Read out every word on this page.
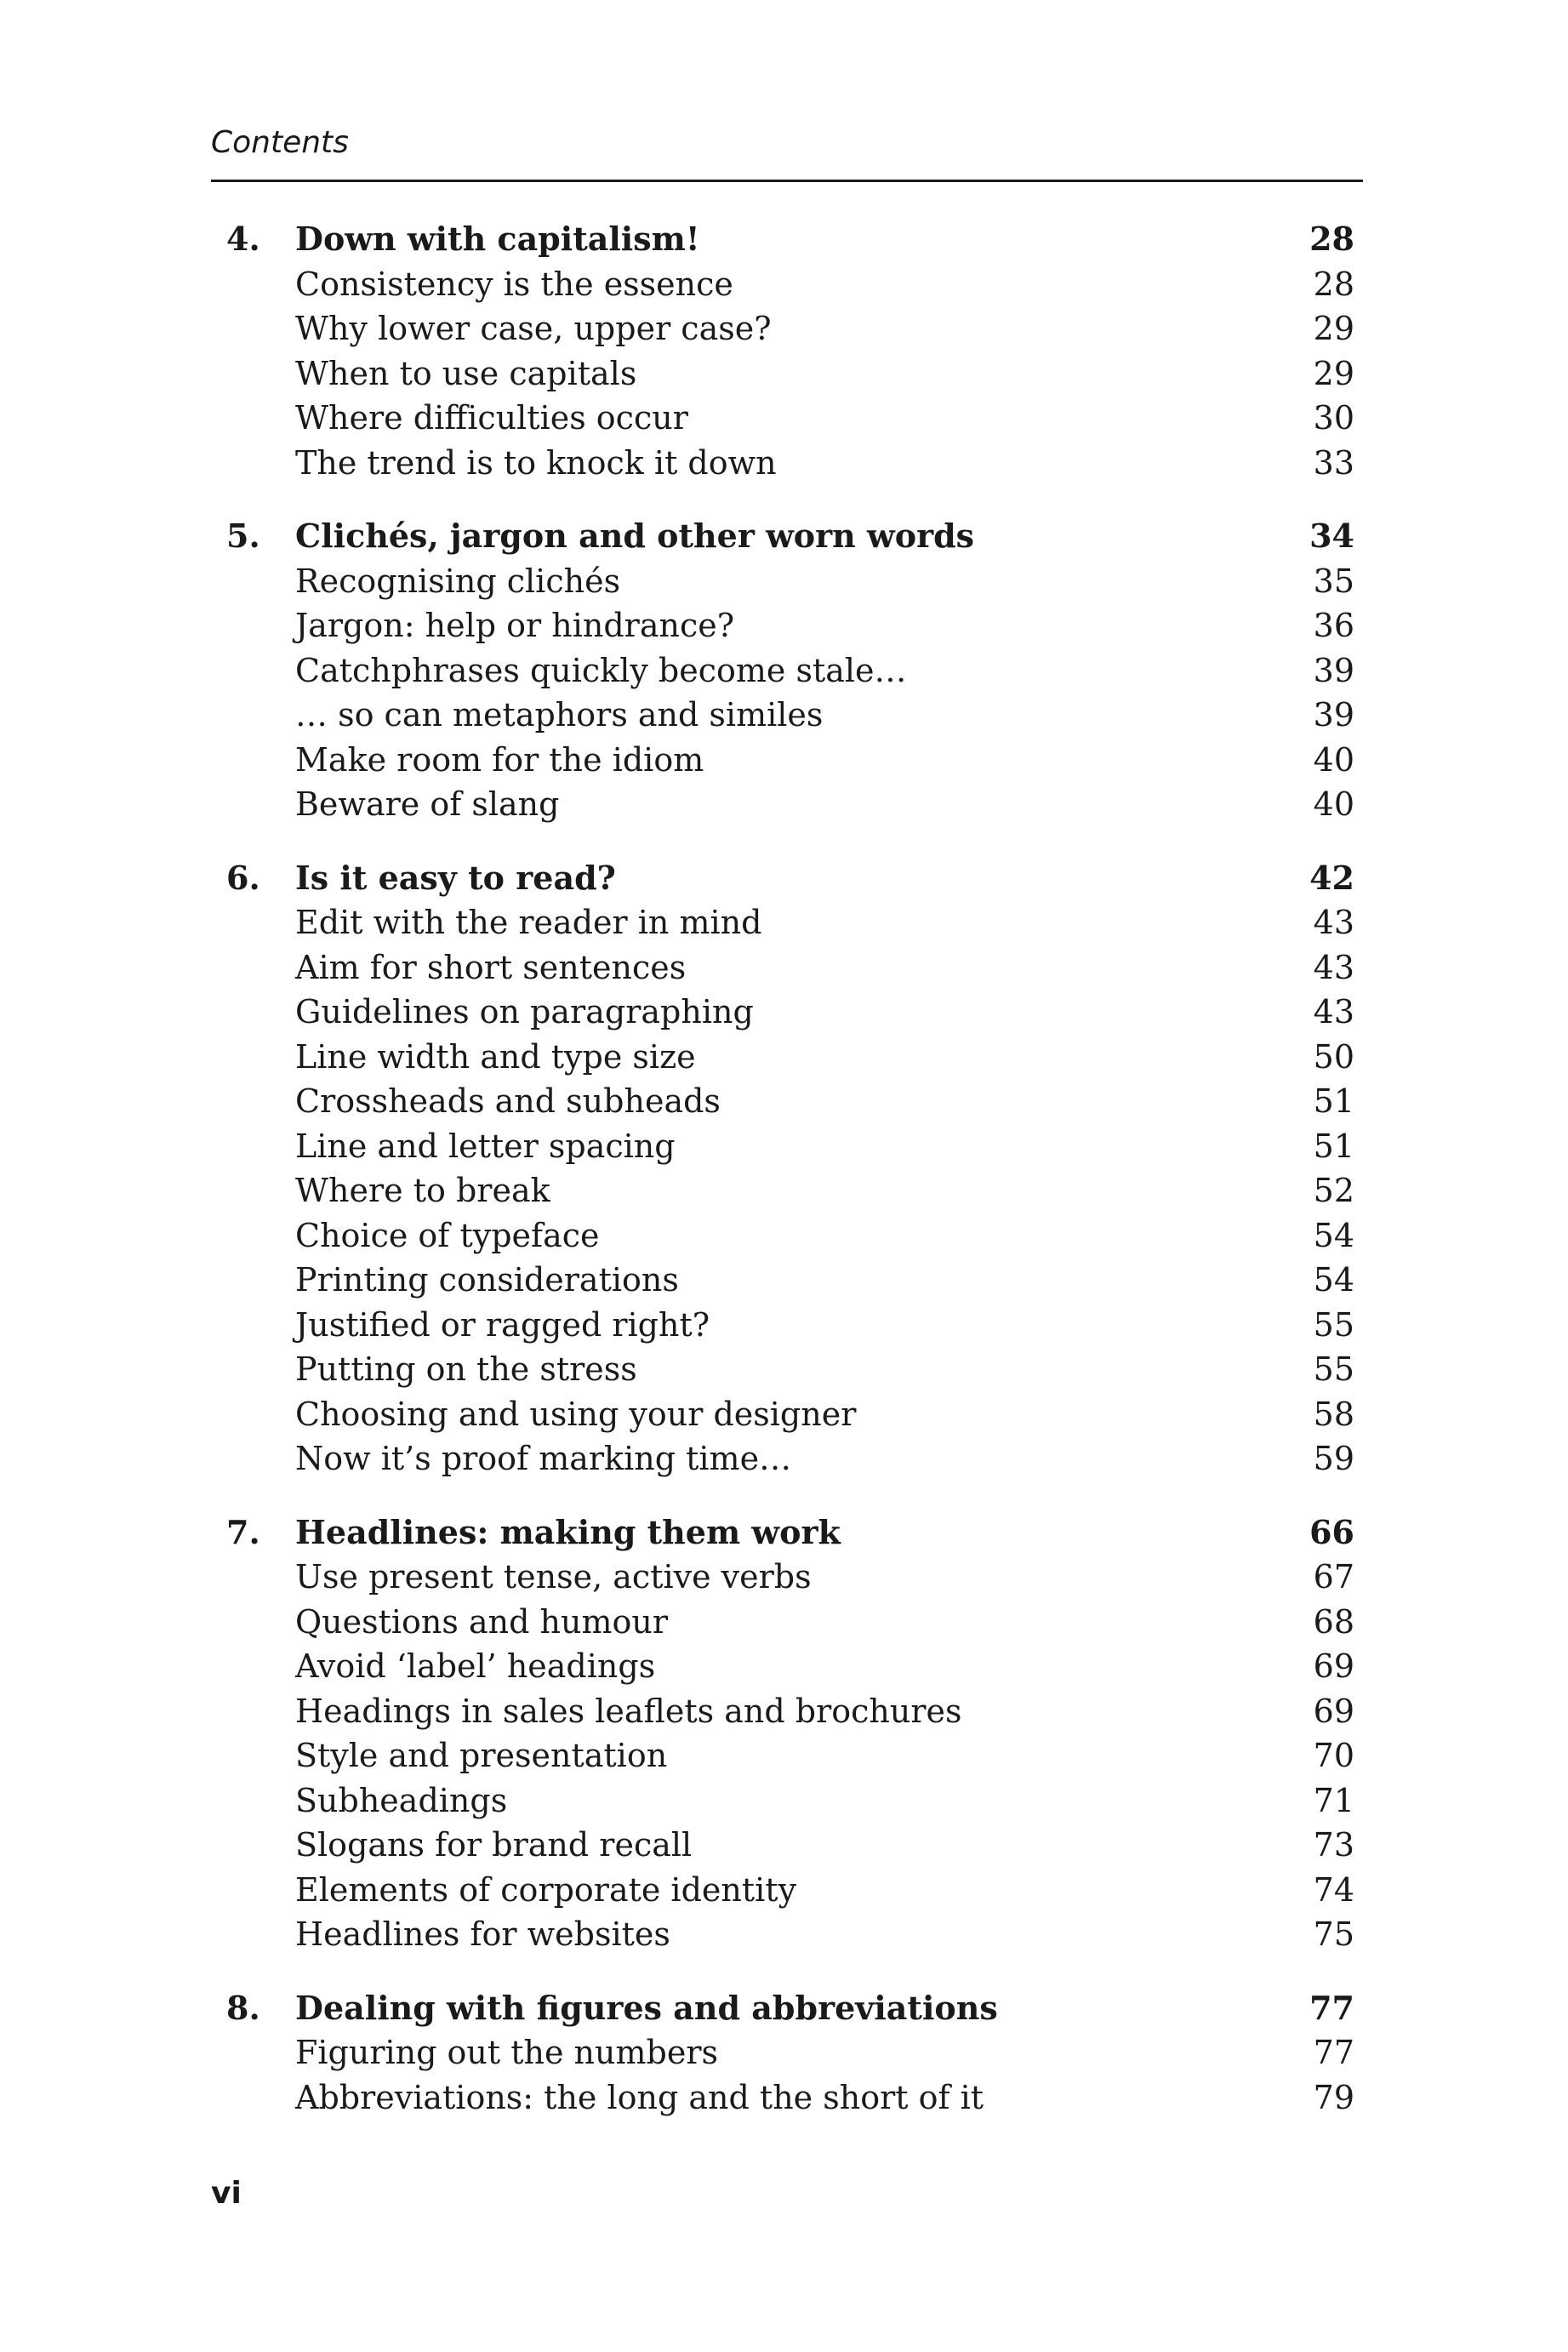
Contents
4. Down with capitalism!	28
Consistency is the essence	28
Why lower case, upper case?	29
When to use capitals	29
Where difficulties occur	30
The trend is to knock it down	33
5. Clichés, jargon and other worn words	34
Recognising clichés	35
Jargon: help or hindrance?	36
Catchphrases quickly become stale…	39
… so can metaphors and similes	39
Make room for the idiom	40
Beware of slang	40
6. Is it easy to read?	42
Edit with the reader in mind	43
Aim for short sentences	43
Guidelines on paragraphing	43
Line width and type size	50
Crossheads and subheads	51
Line and letter spacing	51
Where to break	52
Choice of typeface	54
Printing considerations	54
Justified or ragged right?	55
Putting on the stress	55
Choosing and using your designer	58
Now it’s proof marking time…	59
7. Headlines: making them work	66
Use present tense, active verbs	67
Questions and humour	68
Avoid ‘label’ headings	69
Headings in sales leaflets and brochures	69
Style and presentation	70
Subheadings	71
Slogans for brand recall	73
Elements of corporate identity	74
Headlines for websites	75
8. Dealing with figures and abbreviations	77
Figuring out the numbers	77
Abbreviations: the long and the short of it	79
vi
